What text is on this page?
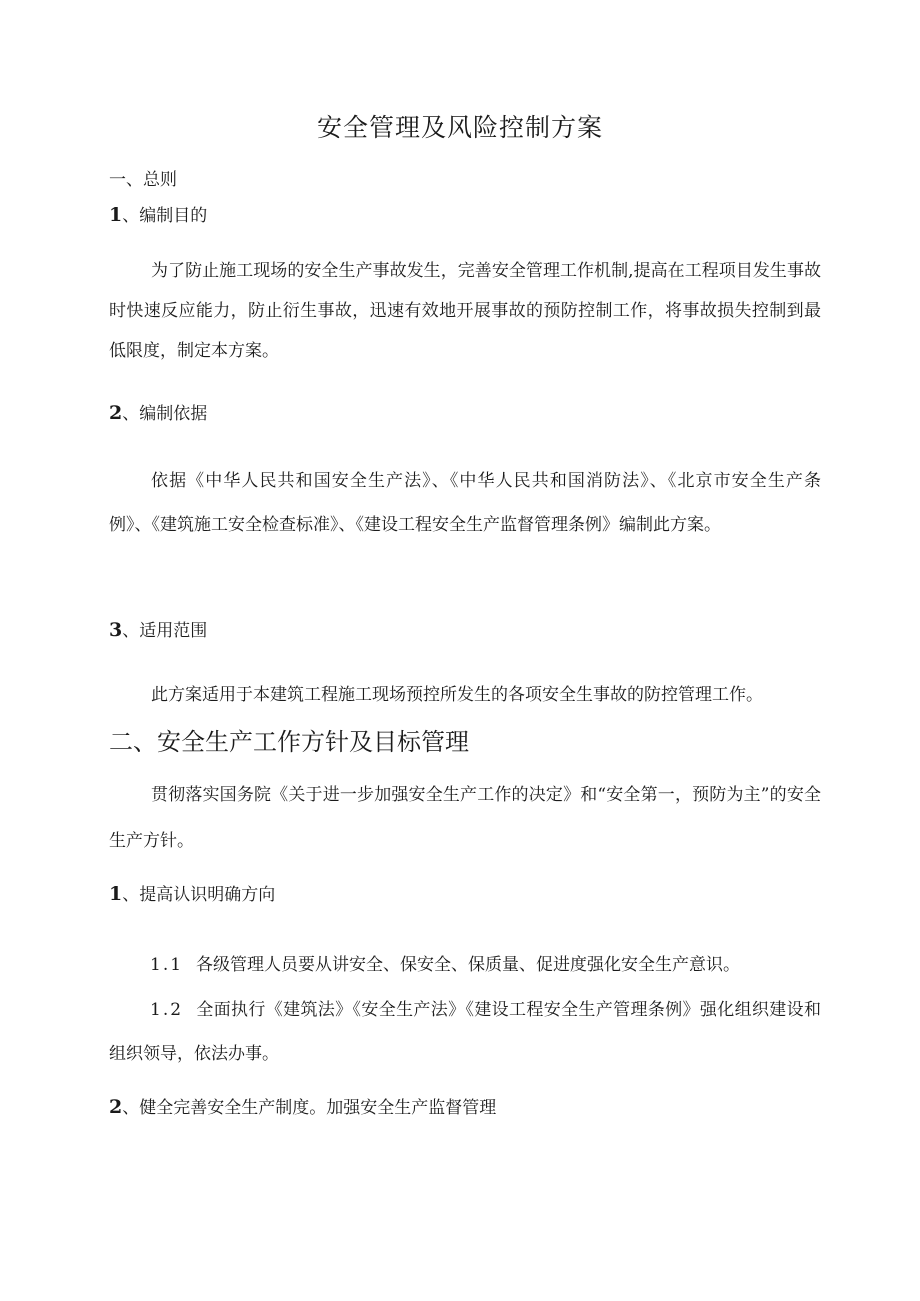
安全管理及风险控制方案
一、总则
1、编制目的
为了防止施工现场的安全生产事故发生，完善安全管理工作机制,提高在工程项目发生事故时快速反应能力，防止衍生事故，迅速有效地开展事故的预防控制工作，将事故损失控制到最低限度，制定本方案。
2、编制依据
依据《中华人民共和国安全生产法》、《中华人民共和国消防法》、《北京市安全生产条例》、《建筑施工安全检查标准》、《建设工程安全生产监督管理条例》编制此方案。
3、适用范围
此方案适用于本建筑工程施工现场预控所发生的各项安全生事故的防控管理工作。
二、安全生产工作方针及目标管理
贯彻落实国务院《关于进一步加强安全生产工作的决定》和“安全第一，预防为主”的安全生产方针。
1、提高认识明确方向
1.1 各级管理人员要从讲安全、保安全、保质量、促进度强化安全生产意识。
1.2 全面执行《建筑法》《安全生产法》《建设工程安全生产管理条例》强化组织建设和组织领导，依法办事。
2、健全完善安全生产制度。加强安全生产监督管理
